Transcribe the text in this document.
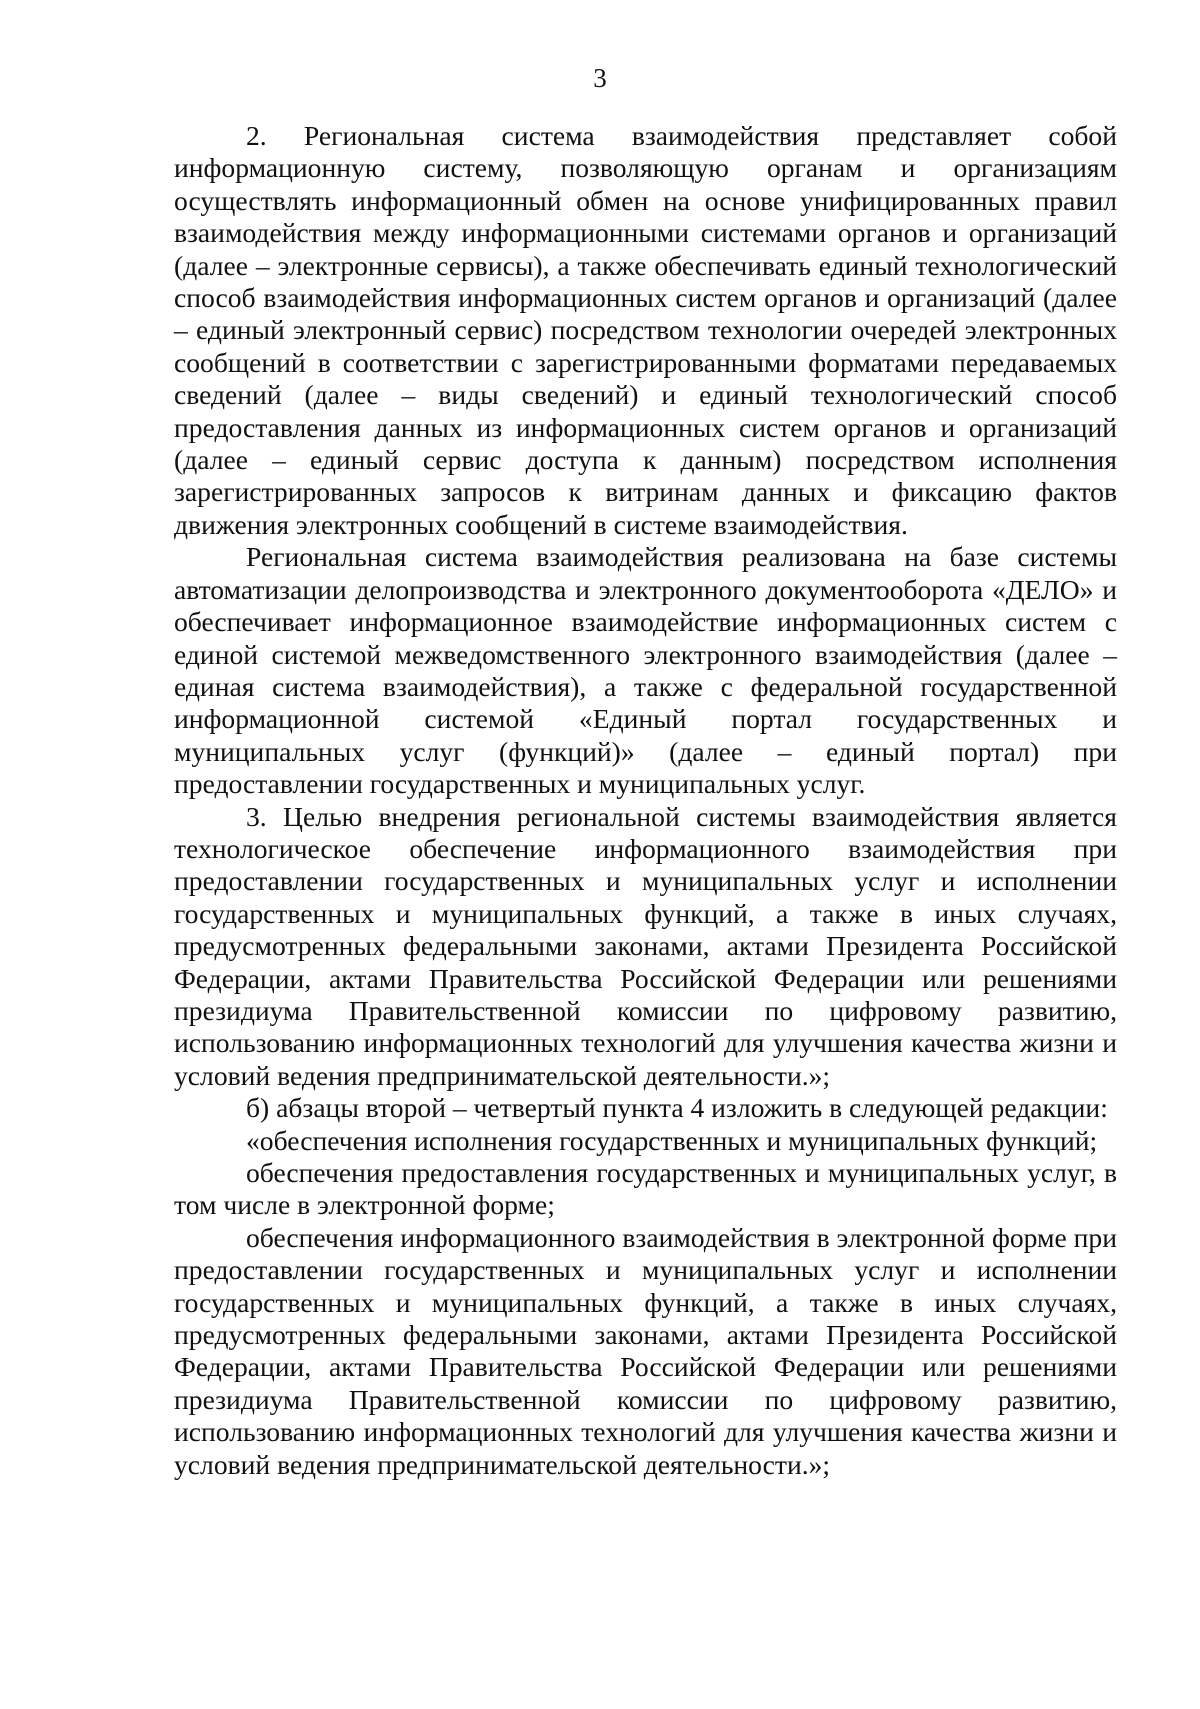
3

2. Региональная система взаимодействия представляет собой информационную систему, позволяющую органам и организациям осуществлять информационный обмен на основе унифицированных правил взаимодействия между информационными системами органов и организаций (далее – электронные сервисы), а также обеспечивать единый технологический способ взаимодействия информационных систем органов и организаций (далее – единый электронный сервис) посредством технологии очередей электронных сообщений в соответствии с зарегистрированными форматами передаваемых сведений (далее – виды сведений) и единый технологический способ предоставления данных из информационных систем органов и организаций (далее – единый сервис доступа к данным) посредством исполнения зарегистрированных запросов к витринам данных и фиксацию фактов движения электронных сообщений в системе взаимодействия.

Региональная система взаимодействия реализована на базе системы автоматизации делопроизводства и электронного документооборота «ДЕЛО» и обеспечивает информационное взаимодействие информационных систем с единой системой межведомственного электронного взаимодействия (далее – единая система взаимодействия), а также с федеральной государственной информационной системой «Единый портал государственных и муниципальных услуг (функций)» (далее – единый портал) при предоставлении государственных и муниципальных услуг.

3. Целью внедрения региональной системы взаимодействия является технологическое обеспечение информационного взаимодействия при предоставлении государственных и муниципальных услуг и исполнении государственных и муниципальных функций, а также в иных случаях, предусмотренных федеральными законами, актами Президента Российской Федерации, актами Правительства Российской Федерации или решениями президиума Правительственной комиссии по цифровому развитию, использованию информационных технологий для улучшения качества жизни и условий ведения предпринимательской деятельности.»;

б) абзацы второй – четвертый пункта 4 изложить в следующей редакции:

«обеспечения исполнения государственных и муниципальных функций;

обеспечения предоставления государственных и муниципальных услуг, в том числе в электронной форме;

обеспечения информационного взаимодействия в электронной форме при предоставлении государственных и муниципальных услуг и исполнении государственных и муниципальных функций, а также в иных случаях, предусмотренных федеральными законами, актами Президента Российской Федерации, актами Правительства Российской Федерации или решениями президиума Правительственной комиссии по цифровому развитию, использованию информационных технологий для улучшения качества жизни и условий ведения предпринимательской деятельности.»;
